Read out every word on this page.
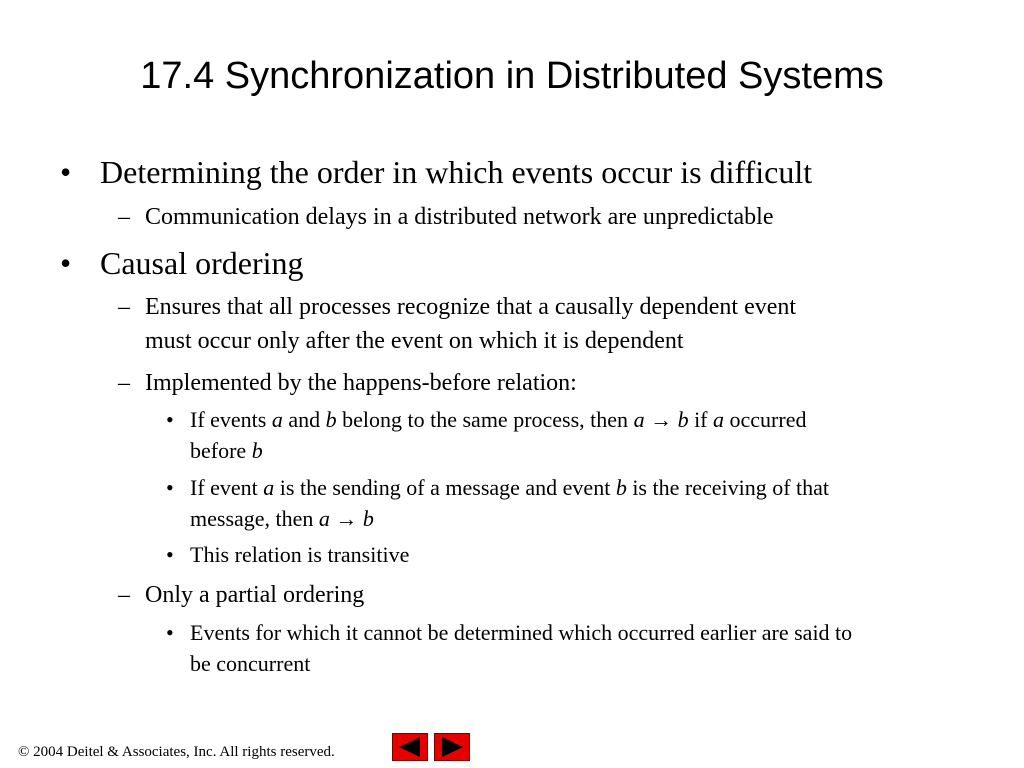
17.4 Synchronization in Distributed Systems
• Determining the order in which events occur is difficult
– Communication delays in a distributed network are unpredictable
• Causal ordering
– Ensures that all processes recognize that a causally dependent event
must occur only after the event on which it is dependent
– Implemented by the happens-before relation:
• If events a and b belong to the same process, then a → b if a occurred
before b
• If event a is the sending of a message and event b is the receiving of that
message, then a → b
• This relation is transitive
– Only a partial ordering
• Events for which it cannot be determined which occurred earlier are said to
be concurrent
© 2004 Deitel & Associates, Inc. All rights reserved.
